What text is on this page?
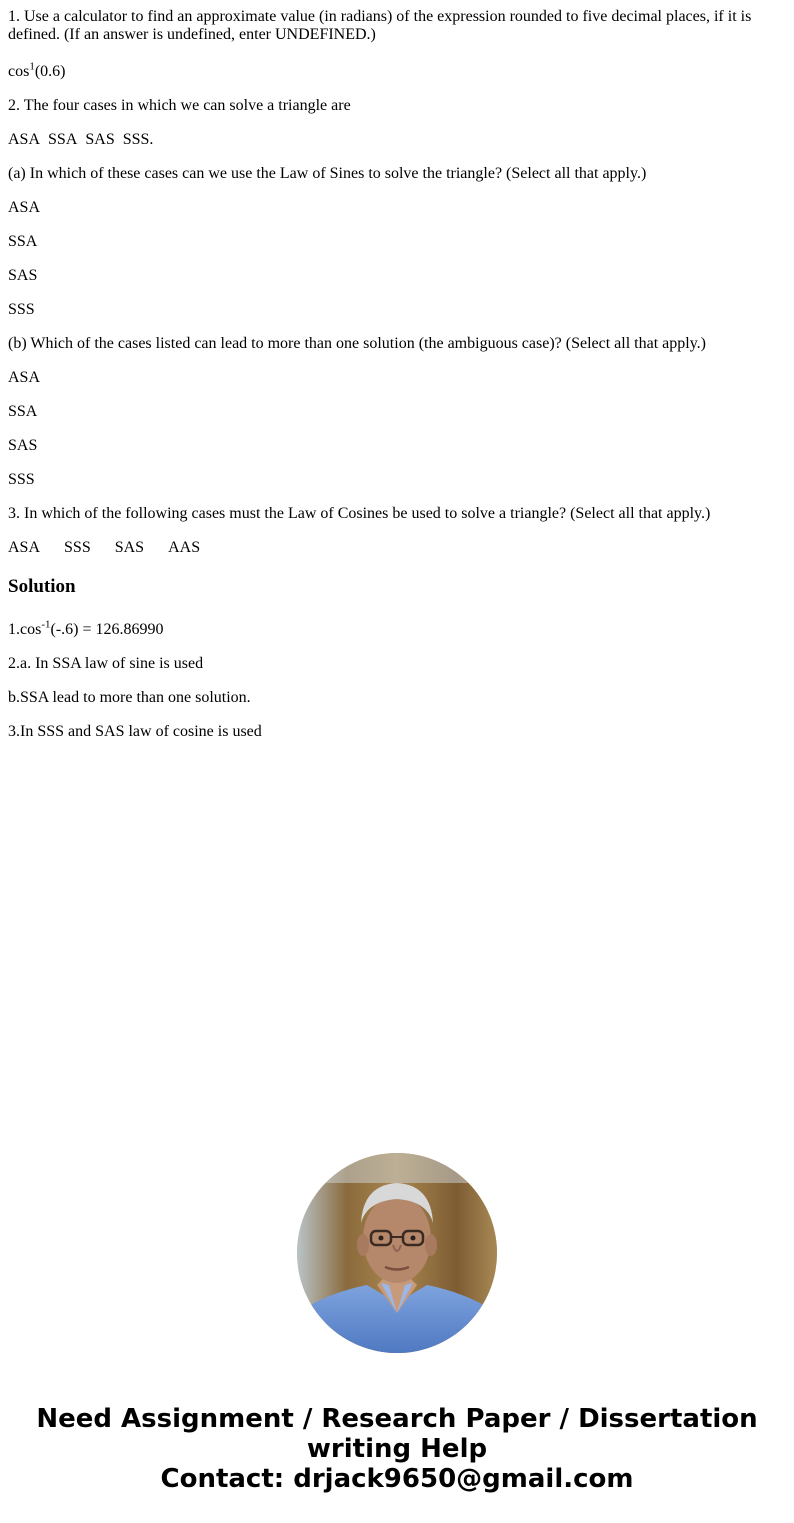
1. Use a calculator to find an approximate value (in radians) of the expression rounded to five decimal places, if it is defined. (If an answer is undefined, enter UNDEFINED.)

$\cos^1(0.6)$
2. The four cases in which we can solve a triangle are
ASA SSA SAS SSS.
(a) In which of these cases can we use the Law of Sines to solve the triangle? (Select all that apply.)
ASA
SSA
SAS
SSS
(b) Which of the cases listed can lead to more than one solution (the ambiguous case)? (Select all that apply.)
ASA
SSA
SAS
SSS
3. In which of the following cases must the Law of Cosines be used to solve a triangle? (Select all that apply.)
ASA SSS SAS AAS
Solution
$1.\cos^{-1}(-.6) = 126.86990$
2.a. In SSA law of sine is used
b.SSA lead to more than one solution.
3.In SSS and SAS law of cosine is used
Need Assignment / Research Paper / Dissertation
writing Help
Contact: drjack9650@gmail.com
